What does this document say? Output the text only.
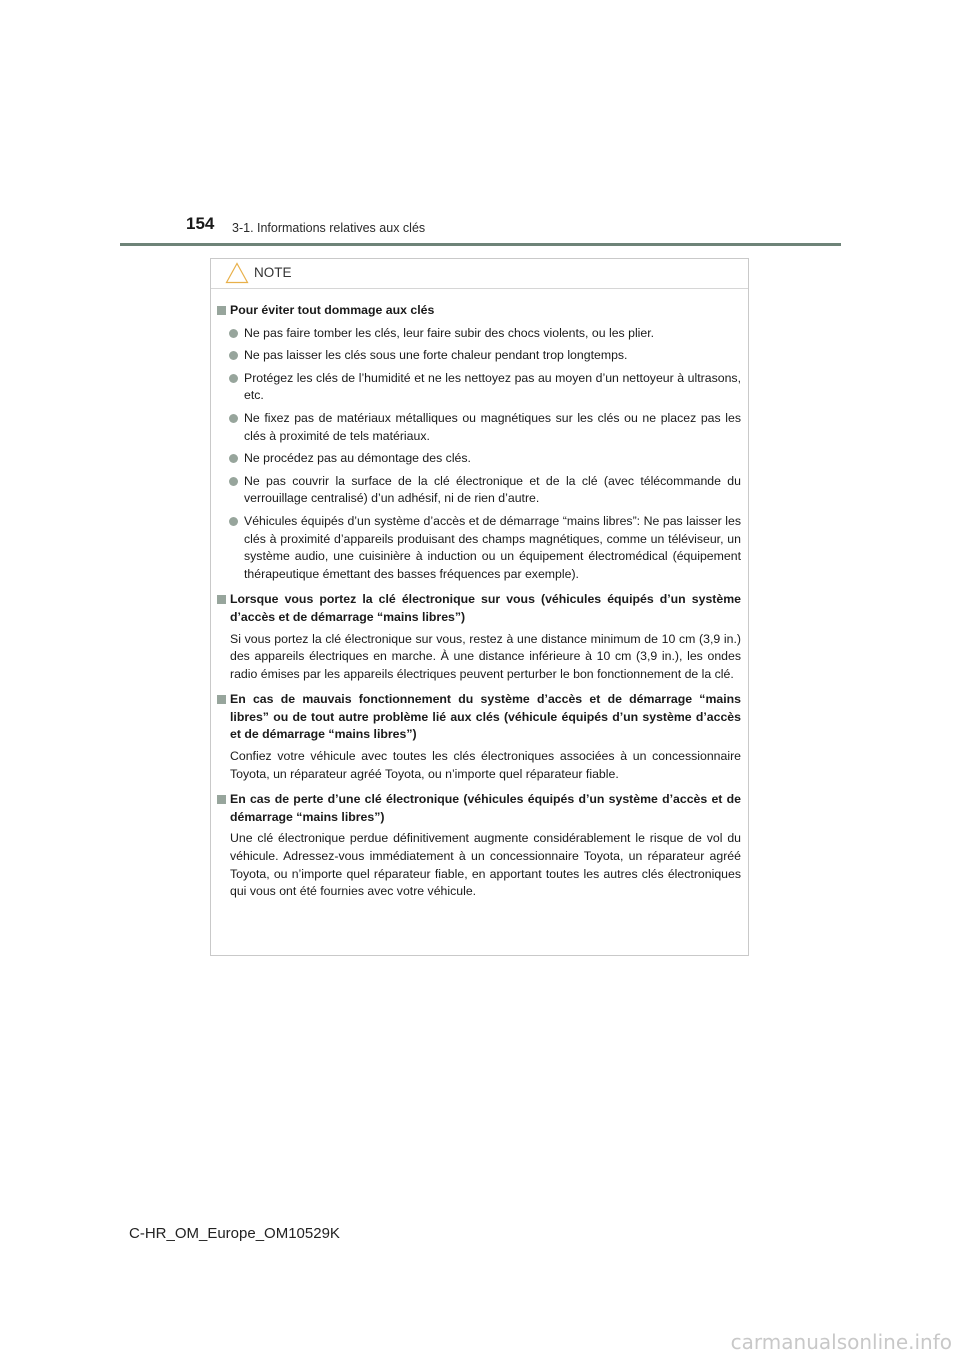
154 3-1. Informations relatives aux clés
NOTE
Pour éviter tout dommage aux clés
Ne pas faire tomber les clés, leur faire subir des chocs violents, ou les plier.
Ne pas laisser les clés sous une forte chaleur pendant trop longtemps.
Protégez les clés de l’humidité et ne les nettoyez pas au moyen d’un nettoyeur à ultrasons, etc.
Ne fixez pas de matériaux métalliques ou magnétiques sur les clés ou ne placez pas les clés à proximité de tels matériaux.
Ne procédez pas au démontage des clés.
Ne pas couvrir la surface de la clé électronique et de la clé (avec télécommande du verrouillage centralisé) d’un adhésif, ni de rien d’autre.
Véhicules équipés d’un système d’accès et de démarrage “mains libres”: Ne pas laisser les clés à proximité d’appareils produisant des champs magnétiques, comme un téléviseur, un système audio, une cuisinière à induction ou un équipement électromédical (équipement thérapeutique émettant des basses fréquences par exemple).
Lorsque vous portez la clé électronique sur vous (véhicules équipés d’un système d’accès et de démarrage “mains libres”)
Si vous portez la clé électronique sur vous, restez à une distance minimum de 10 cm (3,9 in.) des appareils électriques en marche. À une distance inférieure à 10 cm (3,9 in.), les ondes radio émises par les appareils électriques peuvent perturber le bon fonctionnement de la clé.
En cas de mauvais fonctionnement du système d’accès et de démarrage “mains libres” ou de tout autre problème lié aux clés (véhicule équipés d’un système d’accès et de démarrage “mains libres”)
Confiez votre véhicule avec toutes les clés électroniques associées à un concessionnaire Toyota, un réparateur agréé Toyota, ou n’importe quel réparateur fiable.
En cas de perte d’une clé électronique (véhicules équipés d’un système d’accès et de démarrage “mains libres”)
Une clé électronique perdue définitivement augmente considérablement le risque de vol du véhicule. Adressez-vous immédiatement à un concessionnaire Toyota, un réparateur agréé Toyota, ou n’importe quel réparateur fiable, en apportant toutes les autres clés électroniques qui vous ont été fournies avec votre véhicule.
C-HR_OM_Europe_OM10529K
carmanualsonline.info
